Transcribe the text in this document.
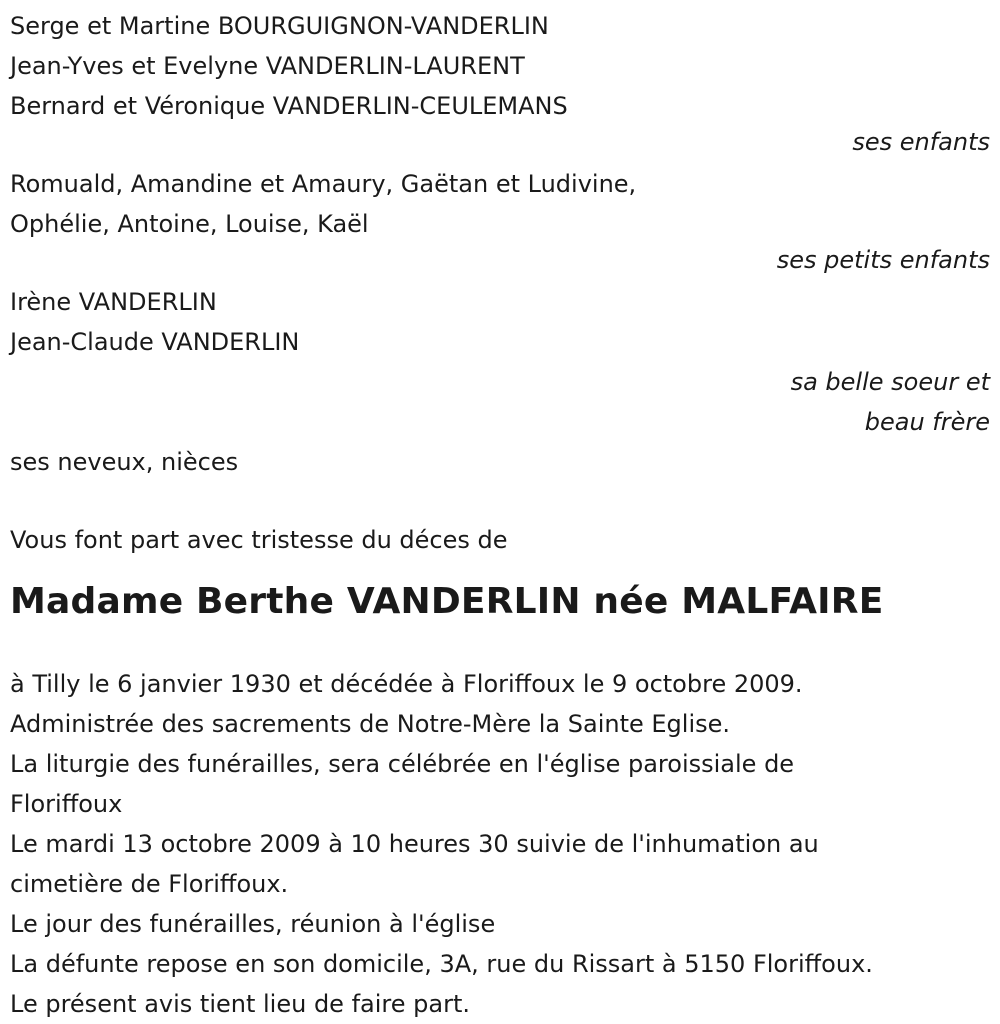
Serge et Martine BOURGUIGNON-VANDERLIN

Jean-Yves et Evelyne VANDERLIN-LAURENT

Bernard et Véronique VANDERLIN-CEULEMANS

ses enfants

Romuald, Amandine et Amaury, Gaëtan et Ludivine,

Ophélie, Antoine, Louise, Kaël

ses petits enfants

Irène VANDERLIN

Jean-Claude VANDERLIN

sa belle soeur et

beau frère

ses neveux, nièces

Vous font part avec tristesse du déces de

Madame Berthe VANDERLIN née MALFAIRE

à Tilly le 6 janvier 1930 et décédée à Floriffoux le 9 octobre 2009.

Administrée des sacrements de Notre-Mère la Sainte Eglise.

La liturgie des funérailles, sera célébrée en l'église paroissiale de

Floriffoux

Le mardi 13 octobre 2009 à 10 heures 30 suivie de l'inhumation au

cimetière de Floriffoux.

Le jour des funérailles, réunion à l'église

La défunte repose en son domicile, 3A, rue du Rissart à 5150 Floriffoux.

Le présent avis tient lieu de faire part.
